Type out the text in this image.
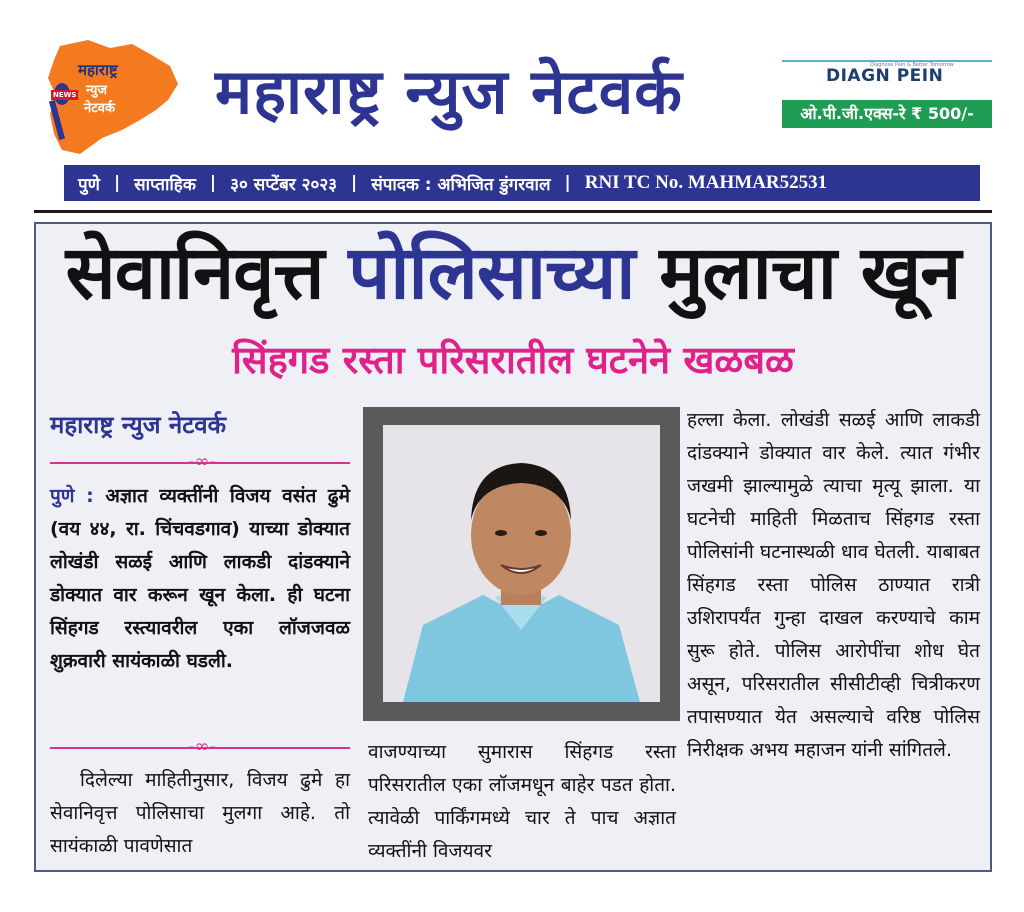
महाराष्ट्र
न्युज
नेटवर्क
NEWS महाराष्ट्र न्युज नेटवर्क	DIAGN PEIN
Diagnose Pain & Better Tomorrow
ओ.पी.जी.एक्स-रे ₹ 500/-
पुणे | साप्ताहिक | ३० सप्टेंबर २०२३ | संपादक : अभिजित डुंगरवाल | RNI TC No. MAHMAR52531
सेवानिवृत्त पोलिसाच्या मुलाचा खून
सिंहगड रस्ता परिसरातील घटनेने खळबळ
महाराष्ट्र न्युज नेटवर्क
-∞-
पुणे : अज्ञात व्यक्तींनी विजय वसंत ढुमे (वय ४४, रा. चिंचवडगाव) याच्या डोक्यात लोखंडी सळई आणि लाकडी दांडक्याने डोक्यात वार करून खून केला. ही घटना सिंहगड रस्त्यावरील एका लॉजजवळ शुक्रवारी सायंकाळी घडली.
-∞-
दिलेल्या माहितीनुसार, विजय ढुमे हा सेवानिवृत्त पोलिसाचा मुलगा आहे. तो सायंकाळी पावणेसात
वाजण्याच्या सुमारास सिंहगड रस्ता परिसरातील एका लॉजमधून बाहेर पडत होता. त्यावेळी पार्किंगमध्ये चार ते पाच अज्ञात व्यक्तींनी विजयवर
हल्ला केला. लोखंडी सळई आणि लाकडी दांडक्याने डोक्यात वार केले. त्यात गंभीर जखमी झाल्यामुळे त्याचा मृत्यू झाला. या घटनेची माहिती मिळताच सिंहगड रस्ता पोलिसांनी घटनास्थळी धाव घेतली. याबाबत सिंहगड रस्ता पोलिस ठाण्यात रात्री उशिरापर्यंत गुन्हा दाखल करण्याचे काम सुरू होते. पोलिस आरोपींचा शोध घेत असून, परिसरातील सीसीटीव्ही चित्रीकरण तपासण्यात येत असल्याचे वरिष्ठ पोलिस निरीक्षक अभय महाजन यांनी सांगितले.
